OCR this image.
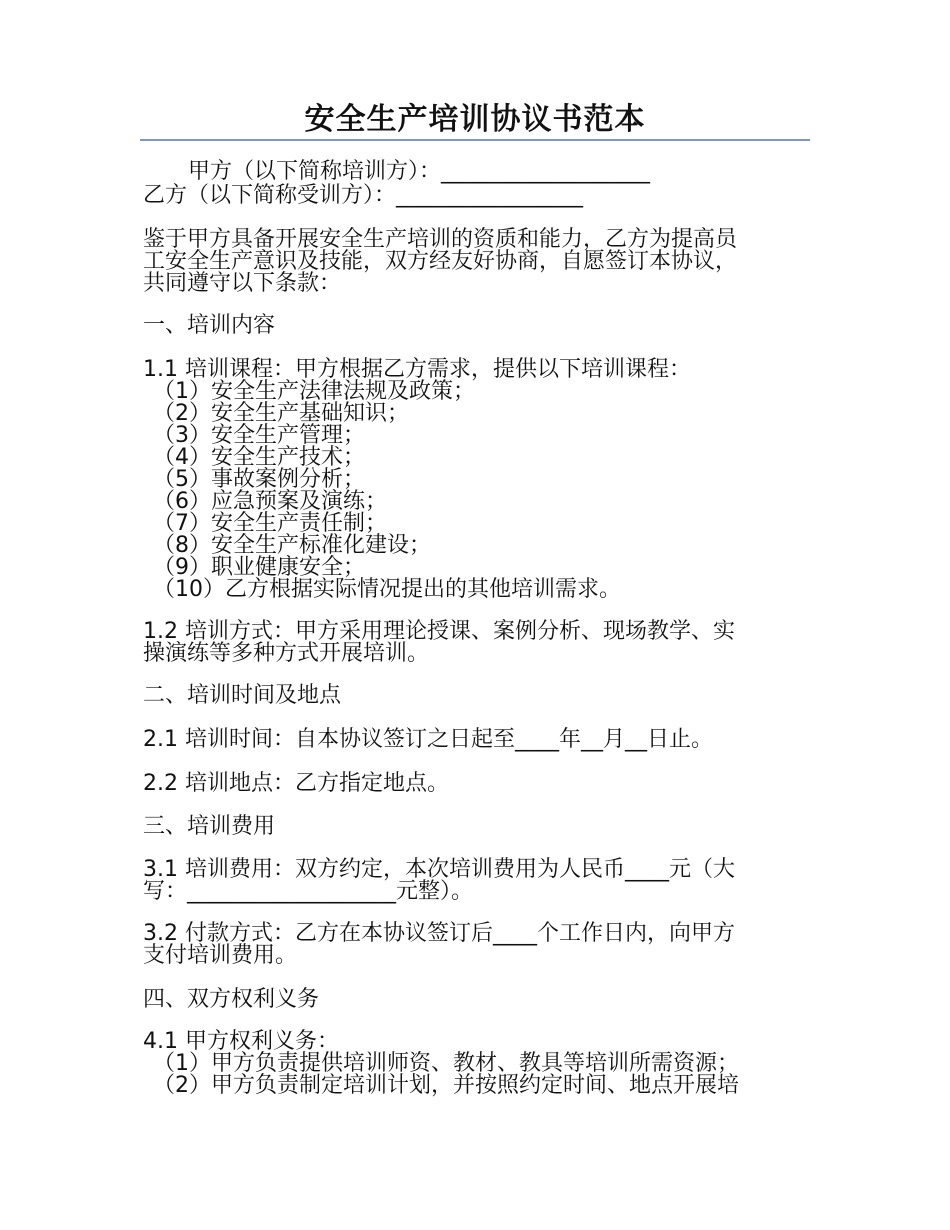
安全生产培训协议书范本
甲方（以下简称培训方）：___________________
乙方（以下简称受训方）：_________________
鉴于甲方具备开展安全生产培训的资质和能力，乙方为提高员
工安全生产意识及技能，双方经友好协商，自愿签订本协议，
共同遵守以下条款：
一、培训内容
1.1 培训课程：甲方根据乙方需求，提供以下培训课程：
（1）安全生产法律法规及政策；
（2）安全生产基础知识；
（3）安全生产管理；
（4）安全生产技术；
（5）事故案例分析；
（6）应急预案及演练；
（7）安全生产责任制；
（8）安全生产标准化建设；
（9）职业健康安全；
（10）乙方根据实际情况提出的其他培训需求。
1.2 培训方式：甲方采用理论授课、案例分析、现场教学、实
操演练等多种方式开展培训。
二、培训时间及地点
2.1 培训时间：自本协议签订之日起至____年__月__日止。
2.2 培训地点：乙方指定地点。
三、培训费用
3.1 培训费用：双方约定，本次培训费用为人民币____元（大
写：___________________元整）。
3.2 付款方式：乙方在本协议签订后____个工作日内，向甲方
支付培训费用。
四、双方权利义务
4.1 甲方权利义务：
（1）甲方负责提供培训师资、教材、教具等培训所需资源；
（2）甲方负责制定培训计划，并按照约定时间、地点开展培
